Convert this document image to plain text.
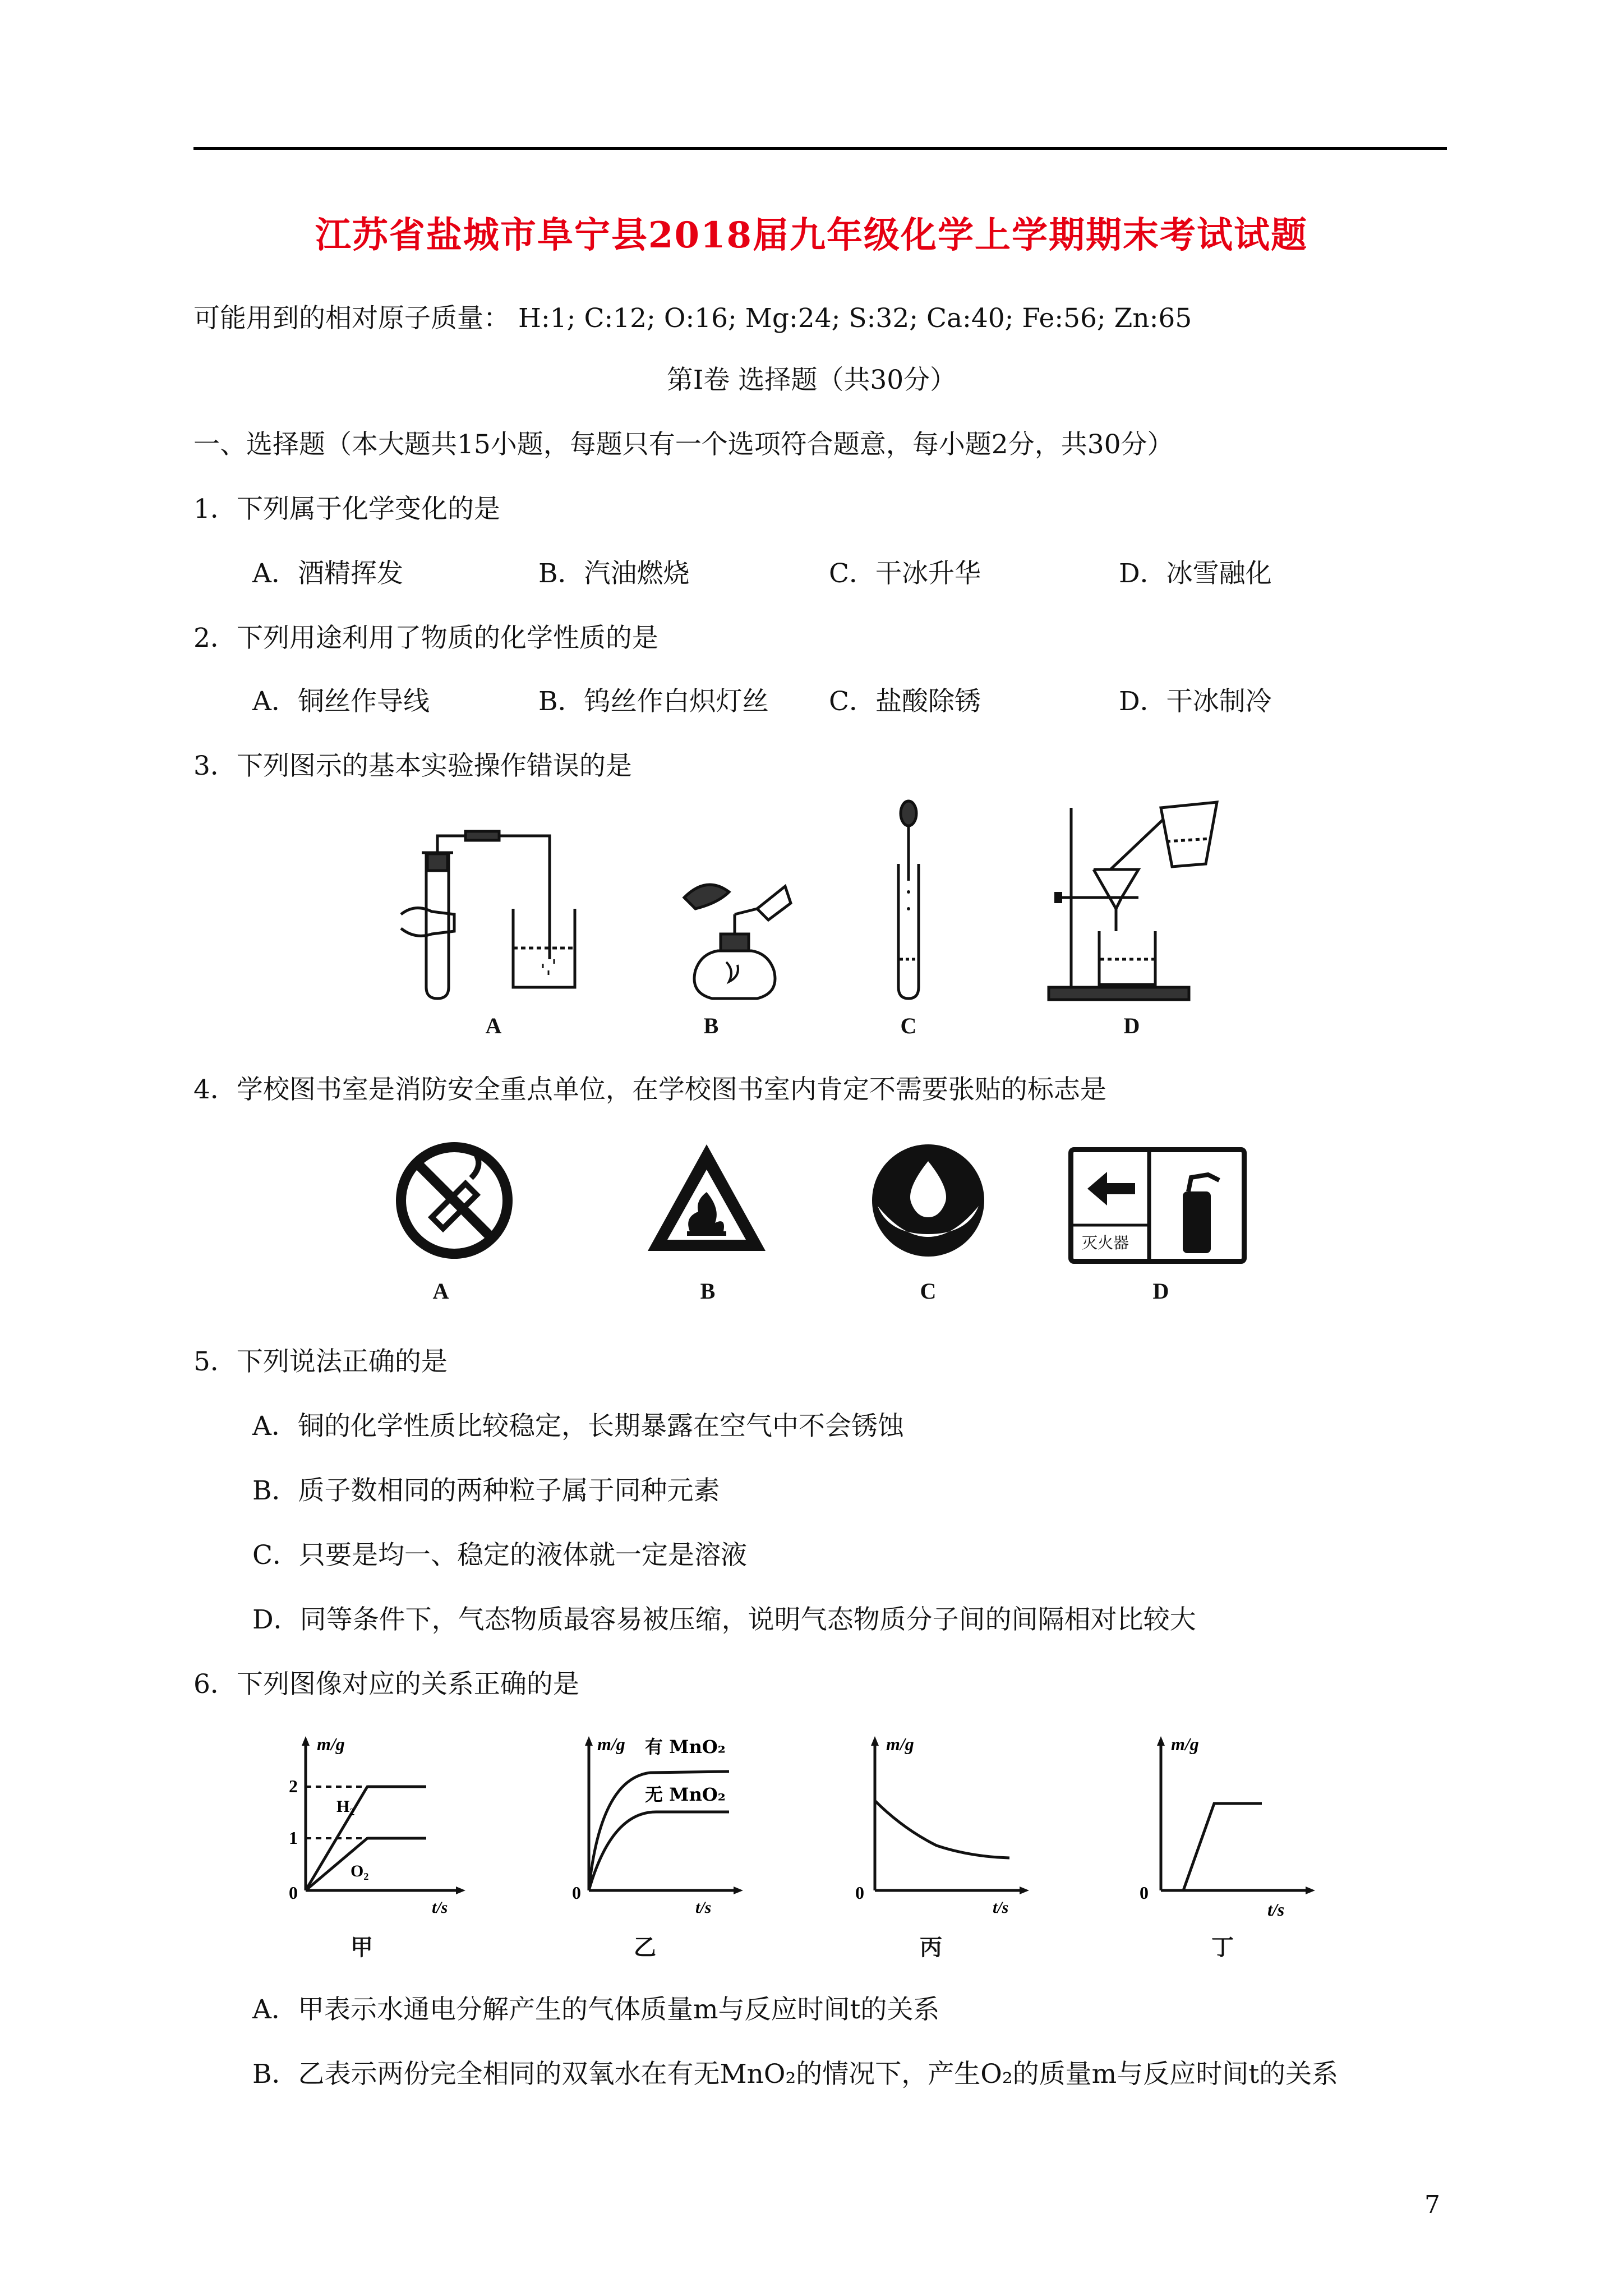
江苏省盐城市阜宁县2018届九年级化学上学期期末考试试题
可能用到的相对原子质量： H:1; C:12; O:16; Mg:24; S:32; Ca:40; Fe:56; Zn:65
第Ⅰ卷 选择题（共30分）
一、选择题（本大题共15小题，每题只有一个选项符合题意，每小题2分，共30分）
1．下列属于化学变化的是
A．酒精挥发	B．汽油燃烧	C．干冰升华	D．冰雪融化
2．下列用途利用了物质的化学性质的是
A．铜丝作导线	B．钨丝作白炽灯丝 C．盐酸除锈	D．干冰制冷
3．下列图示的基本实验操作错误的是
A	B	C	D
4．学校图书室是消防安全重点单位，在学校图书室内肯定不需要张贴的标志是
A	B	C
灭火器
D
5．下列说法正确的是
A．铜的化学性质比较稳定，长期暴露在空气中不会锈蚀
B．质子数相同的两种粒子属于同种元素
C．只要是均一、稳定的液体就一定是溶液
D．同等条件下，气态物质最容易被压缩，说明气态物质分子间的间隔相对比较大
6．下列图像对应的关系正确的是
m/g
2
1
H₂
O₂
0
t/s
甲
m/g 有 MnO₂
无 MnO₂
0
t/s
乙
m/g
0
t/s
丙
m/g
0
t/s
丁
A．甲表示水通电分解产生的气体质量m与反应时间t的关系
B．乙表示两份完全相同的双氧水在有无MnO₂的情况下，产生O₂的质量m与反应时间t的关系
7
